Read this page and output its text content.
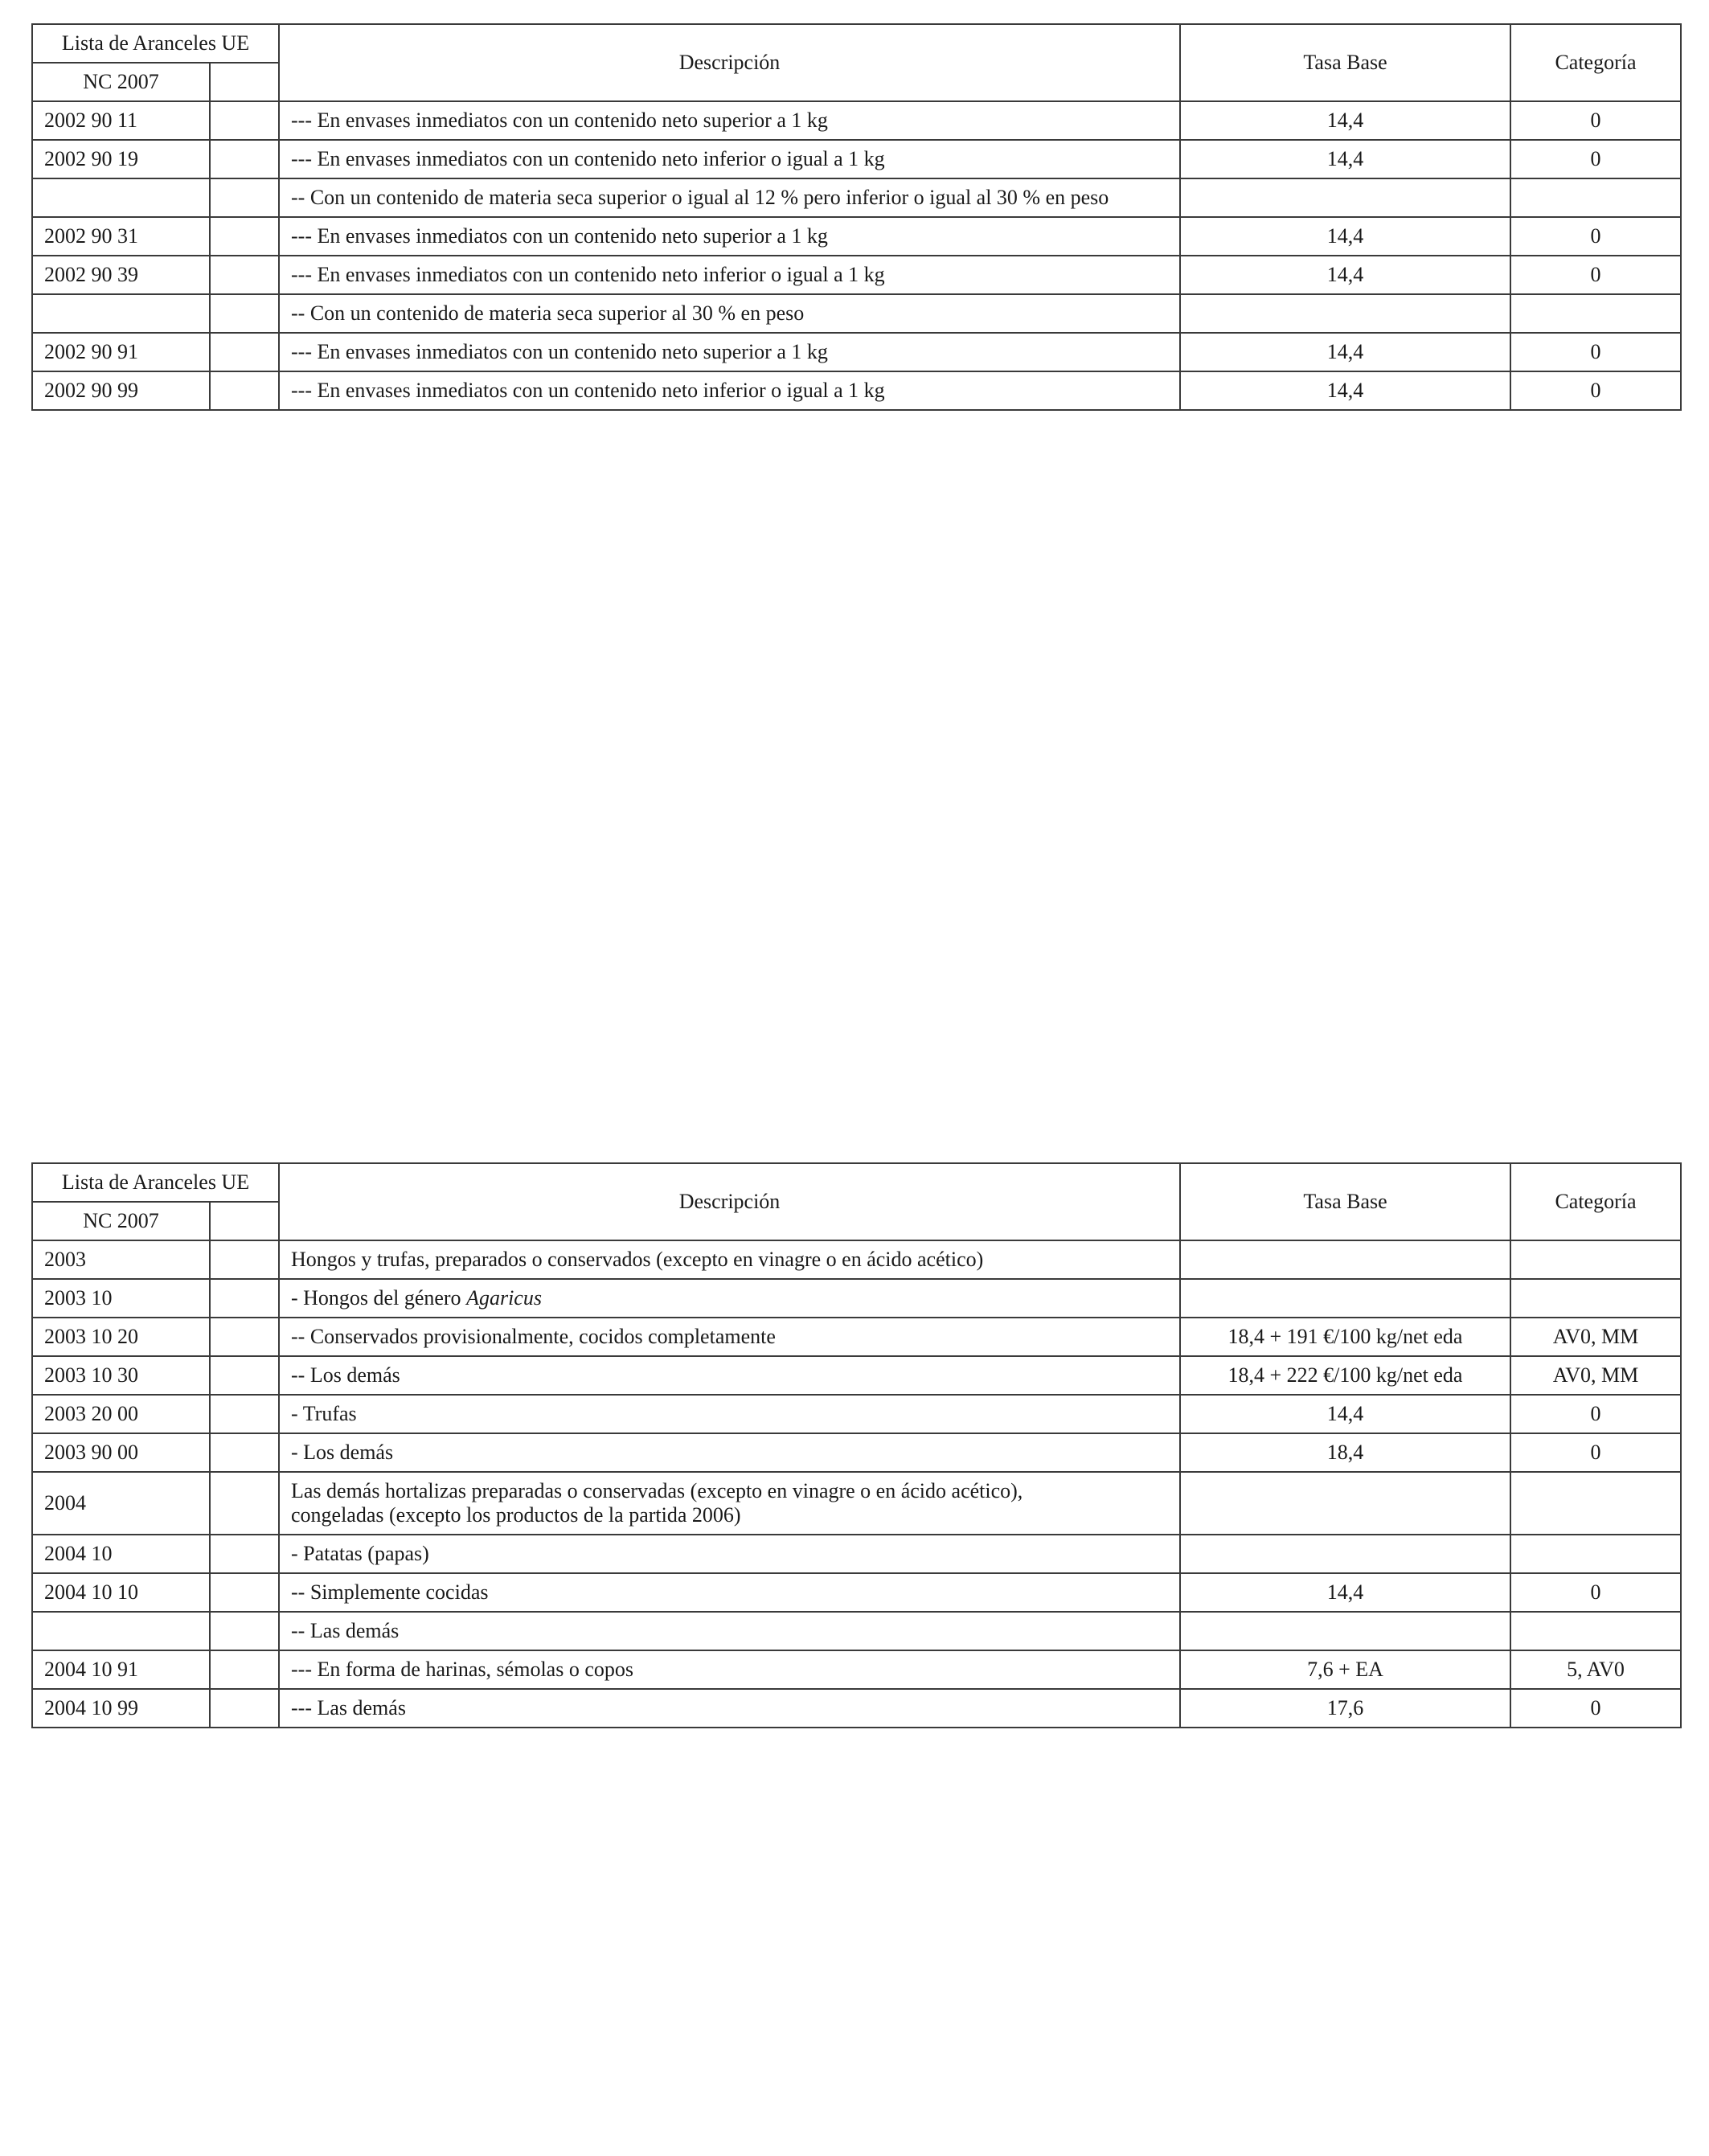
Lista de Aranceles UE		Descripción	Tasa Base	Categoría
NC 2007				
2002 90 11		--- En envases inmediatos con un contenido neto superior a 1 kg	14,4	0
2002 90 19		--- En envases inmediatos con un contenido neto inferior o igual a 1 kg	14,4	0
		-- Con un contenido de materia seca superior o igual al 12 % pero inferior o igual al 30 % en peso		
2002 90 31		--- En envases inmediatos con un contenido neto superior a 1 kg	14,4	0
2002 90 39		--- En envases inmediatos con un contenido neto inferior o igual a 1 kg	14,4	0
		-- Con un contenido de materia seca superior al 30 % en peso		
2002 90 91		--- En envases inmediatos con un contenido neto superior a 1 kg	14,4	0
2002 90 99		--- En envases inmediatos con un contenido neto inferior o igual a 1 kg	14,4	0
Lista de Aranceles UE		Descripción	Tasa Base	Categoría
NC 2007				
2003		Hongos y trufas, preparados o conservados (excepto en vinagre o en ácido acético)		
2003 10		- Hongos del género Agaricus		
2003 10 20		-- Conservados provisionalmente, cocidos completamente	18,4 + 191 €/100 kg/net eda	AV0, MM
2003 10 30		-- Los demás	18,4 + 222 €/100 kg/net eda	AV0, MM
2003 20 00		- Trufas	14,4	0
2003 90 00		- Los demás	18,4	0
2004		Las demás hortalizas preparadas o conservadas (excepto en vinagre o en ácido acético),
congeladas (excepto los productos de la partida 2006)		

2004 10		- Patatas (papas)		
2004 10 10		-- Simplemente cocidas	14,4	0
		-- Las demás		
2004 10 91		--- En forma de harinas, sémolas o copos	7,6 + EA	5, AV0
2004 10 99		--- Las demás	17,6	0
